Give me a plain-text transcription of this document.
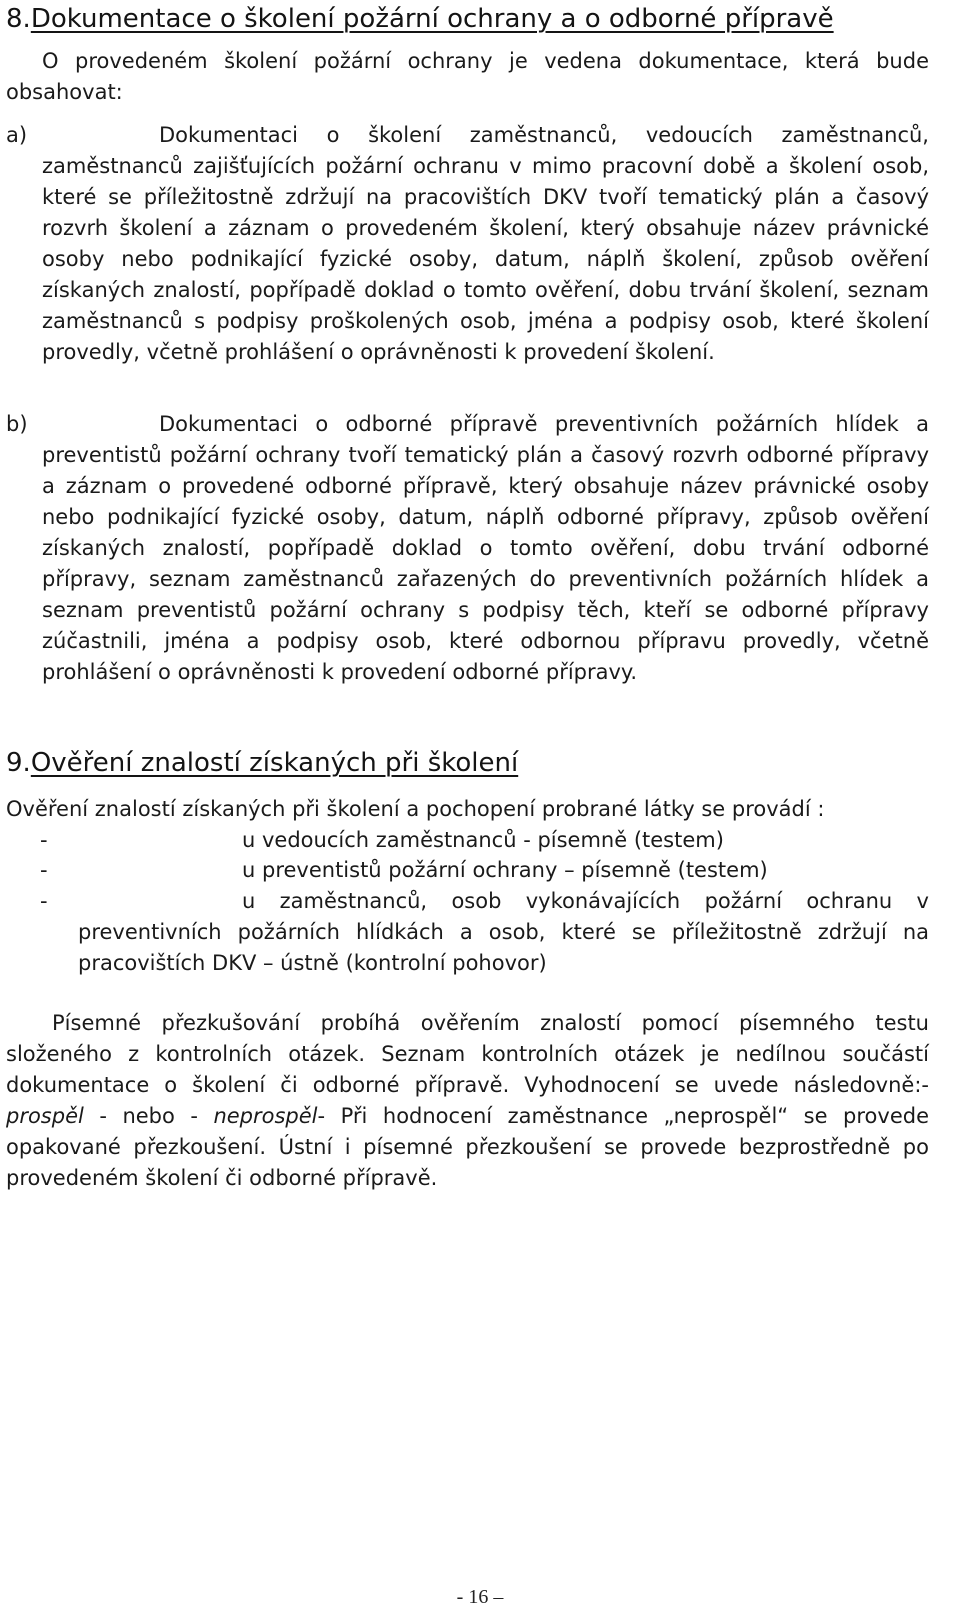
8.Dokumentace o školení požární ochrany a o odborné přípravě

O provedeném školení požární ochrany je vedena dokumentace, která bude obsahovat:

a)	Dokumentaci o školení zaměstnanců, vedoucích zaměstnanců, zaměstnanců zajišťujících požární ochranu v mimo pracovní době a školení osob, které se příležitostně zdržují na pracovištích DKV tvoří tematický plán a časový rozvrh školení a záznam o provedeném školení, který obsahuje název právnické osoby nebo podnikající fyzické osoby, datum, náplň školení, způsob ověření získaných znalostí, popřípadě doklad o tomto ověření, dobu trvání školení, seznam zaměstnanců s podpisy proškolených osob, jména a podpisy osob, které školení provedly, včetně prohlášení o oprávněnosti k provedení školení.

b)	Dokumentaci o odborné přípravě preventivních požárních hlídek a preventistů požární ochrany tvoří tematický plán a časový rozvrh odborné přípravy a záznam o provedené odborné přípravě, který obsahuje název právnické osoby nebo podnikající fyzické osoby, datum, náplň odborné přípravy, způsob ověření získaných znalostí, popřípadě doklad o tomto ověření, dobu trvání odborné přípravy, seznam zaměstnanců zařazených do preventivních požárních hlídek a seznam preventistů požární ochrany s podpisy těch, kteří se odborné přípravy zúčastnili, jména a podpisy osob, které odbornou přípravu provedly, včetně prohlášení o oprávněnosti k provedení odborné přípravy.

9.Ověření znalostí získaných při školení

Ověření znalostí získaných při školení a pochopení probrané látky se provádí :

-	u vedoucích zaměstnanců - písemně (testem)
-	u preventistů požární ochrany – písemně (testem)
-	u zaměstnanců, osob vykonávajících požární ochranu v preventivních požárních hlídkách a osob, které se příležitostně zdržují na pracovištích DKV – ústně (kontrolní pohovor)

Písemné přezkušování probíhá ověřením znalostí pomocí písemného testu složeného z kontrolních otázek. Seznam kontrolních otázek je nedílnou součástí dokumentace o školení či odborné přípravě. Vyhodnocení se uvede následovně:- prospěl - nebo - neprospěl- Při hodnocení zaměstnance „neprospěl“ se provede opakované přezkoušení. Ústní i písemné přezkoušení se provede bezprostředně po provedeném školení či odborné přípravě.

- 16 –
